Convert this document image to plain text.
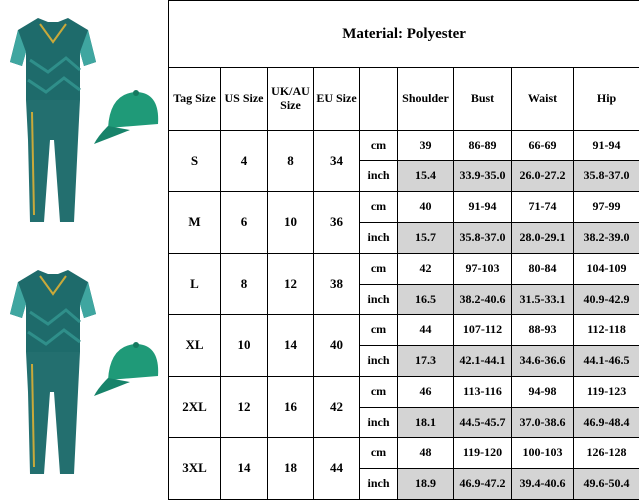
Material: Polyester								
Tag Size	US Size	UK/AU Size	EU Size		Shoulder	Bust	Waist	Hip
S	4	8	34	cm	39	86-89	66-69	91-94
				inch	15.4	33.9-35.0	26.0-27.2	35.8-37.0
M	6	10	36	cm	40	91-94	71-74	97-99
				inch	15.7	35.8-37.0	28.0-29.1	38.2-39.0
L	8	12	38	cm	42	97-103	80-84	104-109
				inch	16.5	38.2-40.6	31.5-33.1	40.9-42.9
XL	10	14	40	cm	44	107-112	88-93	112-118
				inch	17.3	42.1-44.1	34.6-36.6	44.1-46.5
2XL	12	16	42	cm	46	113-116	94-98	119-123
				inch	18.1	44.5-45.7	37.0-38.6	46.9-48.4
3XL	14	18	44	cm	48	119-120	100-103	126-128
				inch	18.9	46.9-47.2	39.4-40.6	49.6-50.4
